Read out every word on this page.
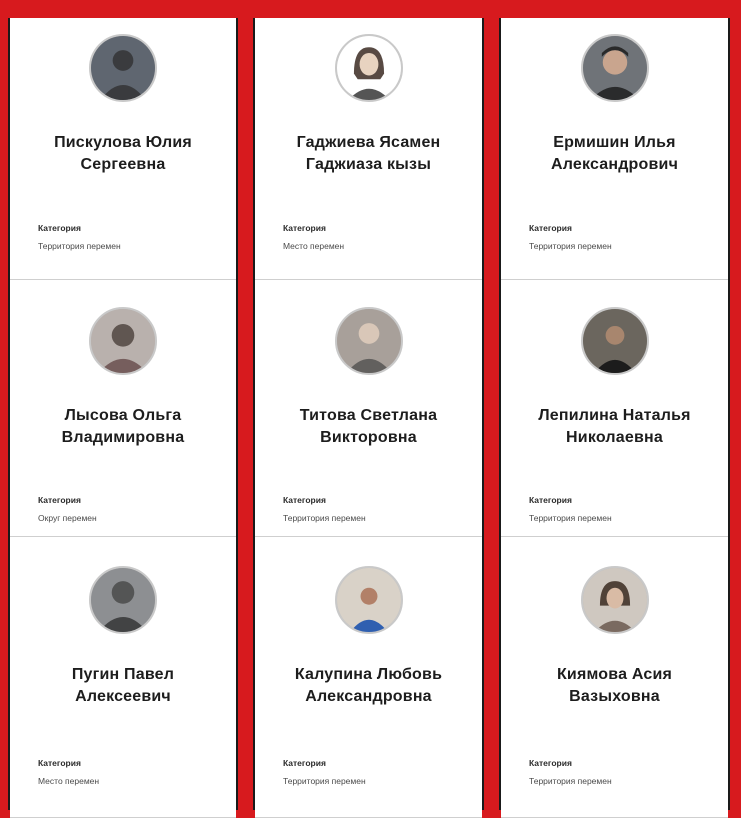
Пискулова Юлия
Сергеевна
Категория
Территория перемен
Лысова Ольга
Владимировна
Категория
Округ перемен
Пугин Павел
Алексеевич
Категория
Место перемен
Гаджиева Ясамен
Гаджиаза кызы
Категория
Место перемен
Титова Светлана
Викторовна
Категория
Территория перемен
Калупина Любовь
Александровна
Категория
Территория перемен
Ермишин Илья
Александрович
Категория
Территория перемен
Лепилина Наталья
Николаевна
Категория
Территория перемен
Киямова Асия
Вазыховна
Категория
Территория перемен
